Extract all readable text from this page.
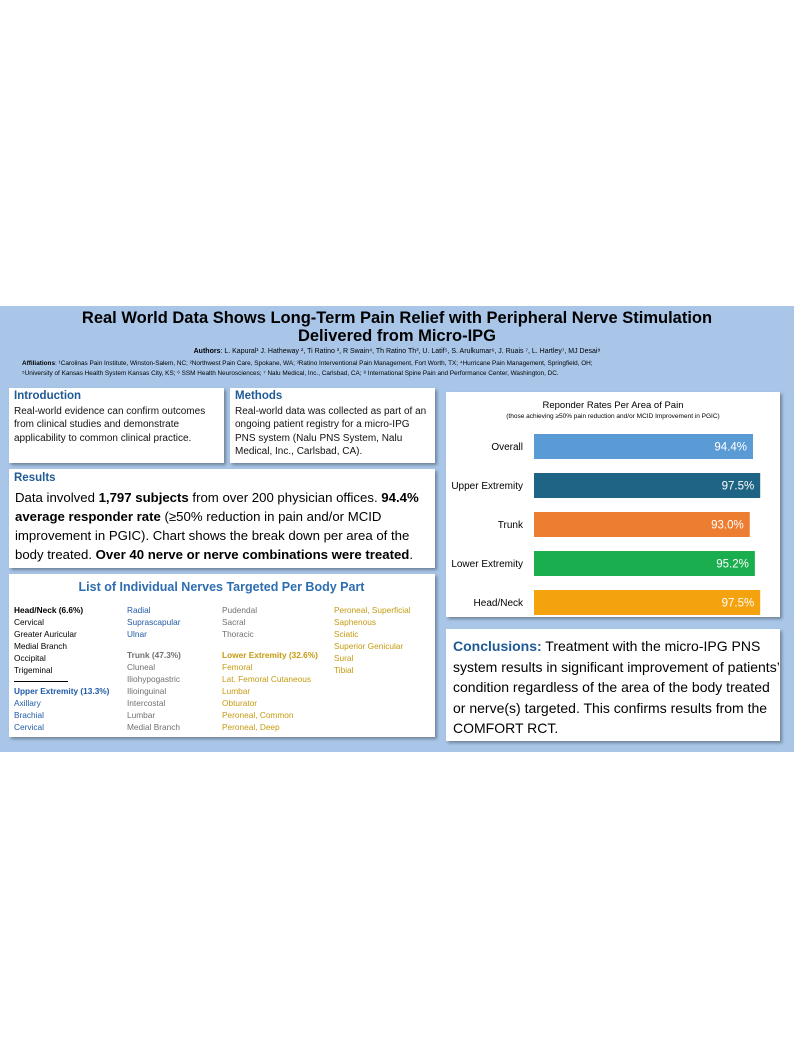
Real World Data Shows Long-Term Pain Relief with Peripheral Nerve Stimulation
Delivered from Micro-IPG
Authors: L. Kapural¹ J. Hatheway ², Ti Ratino ³, R Swain⁴, Th Ratino Th³, U. Latif⁵, S. Arulkumar⁶, J. Ruais ⁷, L. Hartley⁷, MJ Desai⁸
Affiliations: ¹Carolinas Pain Institute, Winston-Salem, NC; ²Northwest Pain Care, Spokane, WA; ³Ratino Interventional Pain Management, Fort Worth, TX; ⁴Hurricane Pain Management, Springfield, OH;
⁵University of Kansas Health System Kansas City, KS; ⁶ SSM Health Neurosciences; ⁷ Nalu Medical, Inc., Carlsbad, CA; ⁸ International Spine Pain and Performance Center, Washington, DC.
Introduction
Real-world evidence can confirm outcomes from clinical studies and demonstrate applicability to common clinical practice.
Methods
Real-world data was collected as part of an ongoing patient registry for a micro-IPG PNS system (Nalu PNS System, Nalu Medical, Inc., Carlsbad, CA).
Results
Data involved 1,797 subjects from over 200 physician offices. 94.4% average responder rate (≥50% reduction in pain and/or MCID improvement in PGIC). Chart shows the break down per area of the body treated. Over 40 nerve or nerve combinations were treated.
List of Individual Nerves Targeted Per Body Part
Head/Neck (6.6%)
Cervical
Greater Auricular
Medial Branch
Occipital
Trigeminal
Upper Extremity (13.3%)
Axillary
Brachial
Cervical
Radial
Suprascapular
Ulnar
Trunk (47.3%)
Cluneal
Iliohypogastric
Ilioinguinal
Intercostal
Lumbar
Medial Branch
Pudendal
Sacral
Thoracic
Lower Extremity (32.6%)
Femoral
Lat. Femoral Cutaneous
Lumbar
Obturator
Peroneal, Common
Peroneal, Deep
Peroneal, Superficial
Saphenous
Sciatic
Superior Genicular
Sural
Tibial
Reponder Rates Per Area of Pain
(those achieving ≥50% pain reduction and/or MCID Improvement in PGIC)
Overall	94.4%
Upper Extremity	97.5%
Trunk	93.0%
Lower Extremity	95.2%
Head/Neck	97.5%
Conclusions: Treatment with the micro-IPG PNS system results in significant improvement of patients’ condition regardless of the area of the body treated or nerve(s) targeted. This confirms results from the COMFORT RCT.
